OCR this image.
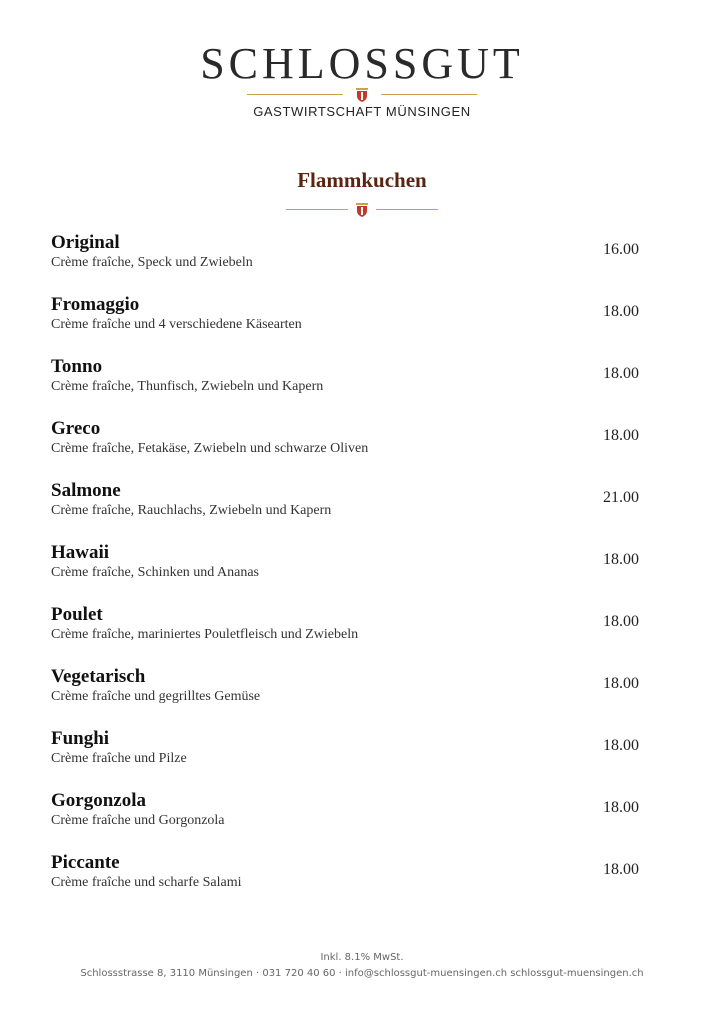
SCHLOSSGUT
GASTWIRTSCHAFT MÜNSINGEN
Flammkuchen
Original
Crème fraîche, Speck und Zwiebeln
16.00
Fromaggio
Crème fraîche und 4 verschiedene Käsearten
18.00
Tonno
Crème fraîche, Thunfisch, Zwiebeln und Kapern
18.00
Greco
Crème fraîche, Fetakäse, Zwiebeln und schwarze Oliven
18.00
Salmone
Crème fraîche, Rauchlachs, Zwiebeln und Kapern
21.00
Hawaii
Crème fraîche, Schinken und Ananas
18.00
Poulet
Crème fraîche, mariniertes Pouletfleisch und Zwiebeln
18.00
Vegetarisch
Crème fraîche und gegrilltes Gemüse
18.00
Funghi
Crème fraîche und Pilze
18.00
Gorgonzola
Crème fraîche und Gorgonzola
18.00
Piccante
Crème fraîche und scharfe Salami
18.00
Inkl. 8.1% MwSt.
Schlossstrasse 8, 3110 Münsingen · 031 720 40 60 · info@schlossgut-muensingen.ch schlossgut-muensingen.ch
